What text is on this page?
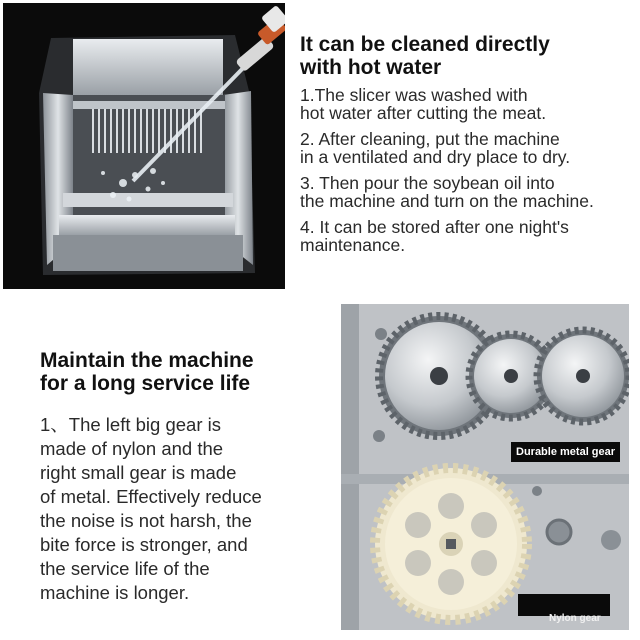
It can be cleaned directly
with hot water
1.The slicer was washed with
hot water after cutting the meat.
2. After cleaning, put the machine
in a ventilated and dry place to dry.
3. Then pour the soybean oil into
the machine and turn on the machine.
4. It can be stored after one night's
maintenance.
Maintain the machine
for a long service life

1、The left big gear is
made of nylon and the
right small gear is made
of metal. Effectively reduce
the noise is not harsh, the
bite force is stronger, and
the service life of the
machine is longer.

Durable metal gear
Nylon gear
